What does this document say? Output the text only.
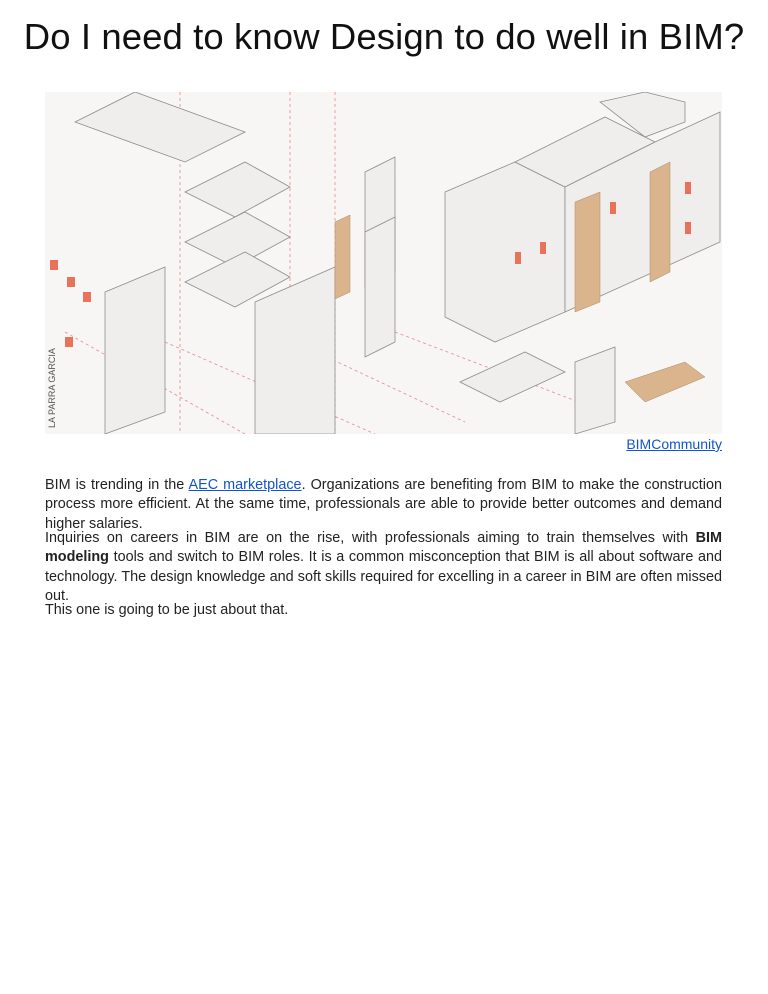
Do I need to know Design to do well in BIM?
LA PARRA GARCIA
BIMCommunity

BIM is trending in the AEC marketplace. Organizations are benefiting from BIM to make the construction process more efficient. At the same time, professionals are able to provide better outcomes and demand higher salaries.

Inquiries on careers in BIM are on the rise, with professionals aiming to train themselves with BIM modeling tools and switch to BIM roles. It is a common misconception that BIM is all about software and technology. The design knowledge and soft skills required for excelling in a career in BIM are often missed out.

This one is going to be just about that.
